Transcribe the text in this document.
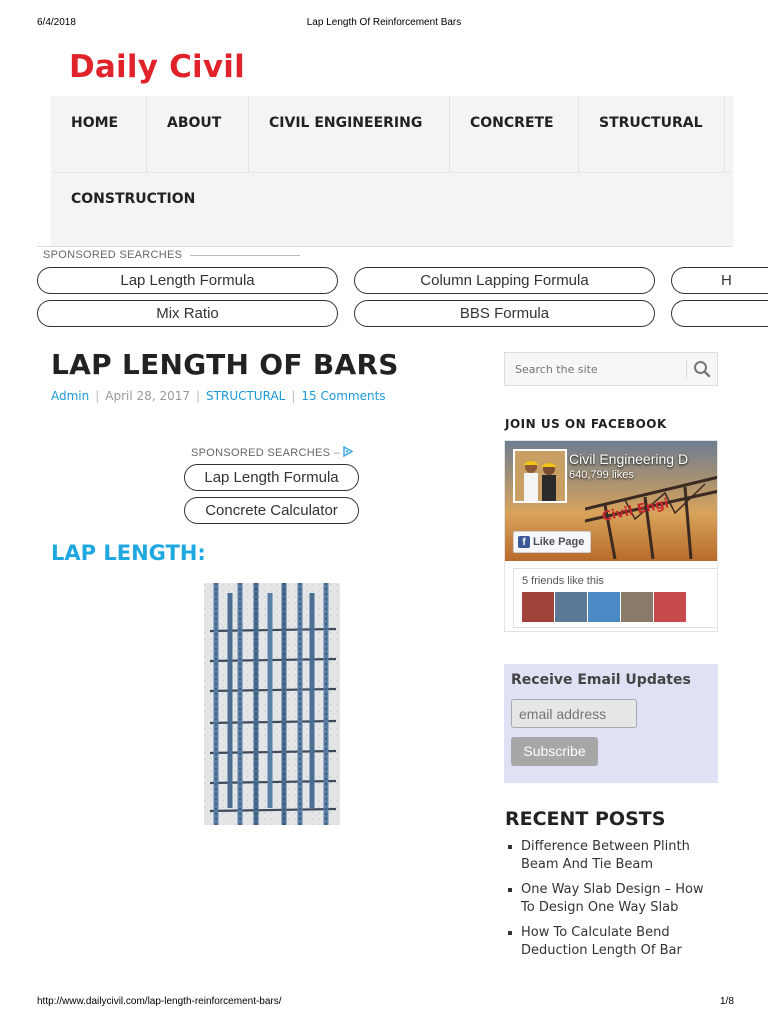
6/4/2018	Lap Length Of Reinforcement Bars
Daily Civil
HOME	ABOUT	CIVIL ENGINEERING	CONCRETE	STRUCTURAL
CONSTRUCTION
SPONSORED SEARCHES
Lap Length Formula	Column Lapping Formula	H
Mix Ratio	BBS Formula
LAP LENGTH OF BARS
Admin | April 28, 2017 | STRUCTURAL | 15 Comments
SPONSORED SEARCHES –
Lap Length Formula
Concrete Calculator
LAP LENGTH:
Search the site
JOIN US ON FACEBOOK
Civil Engi
Civil Engineering D
640,799 likes
f Like Page
5 friends like this
Receive Email Updates
email address
Subscribe
RECENT POSTS
Difference Between Plinth Beam And Tie Beam
One Way Slab Design – How To Design One Way Slab
How To Calculate Bend Deduction Length Of Bar
http://www.dailycivil.com/lap-length-reinforcement-bars/	1/8
